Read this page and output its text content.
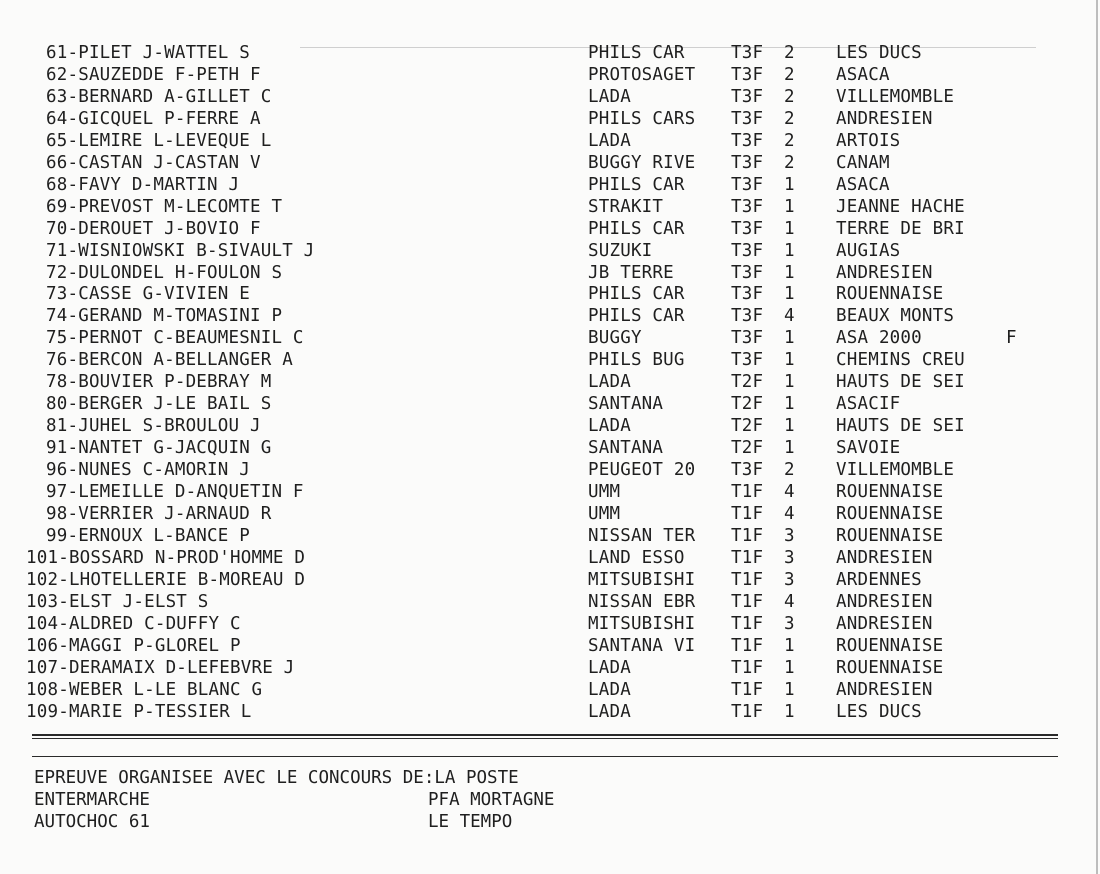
61-PILET J-WATTEL S	PHILS CAR	T3F 2 LES DUCS
62-SAUZEDDE F-PETH F	PROTOSAGET T3F 2 ASACA
63-BERNARD A-GILLET C	LADA	T3F 2 VILLEMOMBLE
64-GICQUEL P-FERRE A	PHILS CARS T3F 2 ANDRESIEN
65-LEMIRE L-LEVEQUE L	LADA	T3F 2 ARTOIS
66-CASTAN J-CASTAN V	BUGGY RIVE T3F 2 CANAM
68-FAVY D-MARTIN J	PHILS CAR	T3F 1 ASACA
69-PREVOST M-LECOMTE T	STRAKIT	T3F 1 JEANNE HACHE
70-DEROUET J-BOVIO F	PHILS CAR	T3F 1 TERRE DE BRI
71-WISNIOWSKI B-SIVAULT J	SUZUKI	T3F 1 AUGIAS
72-DULONDEL H-FOULON S	JB TERRE	T3F 1 ANDRESIEN
73-CASSE G-VIVIEN E	PHILS CAR	T3F 1 ROUENNAISE
74-GERAND M-TOMASINI P	PHILS CAR	T3F 4 BEAUX MONTS
75-PERNOT C-BEAUMESNIL C	BUGGY	T3F 1 ASA 2000	F
76-BERCON A-BELLANGER A	PHILS BUG	T3F 1 CHEMINS CREU
78-BOUVIER P-DEBRAY M	LADA	T2F 1 HAUTS DE SEI
80-BERGER J-LE BAIL S	SANTANA	T2F 1 ASACIF
81-JUHEL S-BROULOU J	LADA	T2F 1 HAUTS DE SEI
91-NANTET G-JACQUIN G	SANTANA	T2F 1 SAVOIE
96-NUNES C-AMORIN J	PEUGEOT 20 T3F 2 VILLEMOMBLE
97-LEMEILLE D-ANQUETIN F	UMM	T1F 4 ROUENNAISE
98-VERRIER J-ARNAUD R	UMM	T1F 4 ROUENNAISE
99-ERNOUX L-BANCE P	NISSAN TER T1F 3 ROUENNAISE
101-BOSSARD N-PROD'HOMME D	LAND ESSO	T1F 3 ANDRESIEN
102-LHOTELLERIE B-MOREAU D	MITSUBISHI T1F 3 ARDENNES
103-ELST J-ELST S	NISSAN EBR T1F 4 ANDRESIEN
104-ALDRED C-DUFFY C	MITSUBISHI T1F 3 ANDRESIEN
106-MAGGI P-GLOREL P	SANTANA VI T1F 1 ROUENNAISE
107-DERAMAIX D-LEFEBVRE J	LADA	T1F 1 ROUENNAISE
108-WEBER L-LE BLANC G	LADA	T1F 1 ANDRESIEN
109-MARIE P-TESSIER L	LADA	T1F 1 LES DUCS
EPREUVE ORGANISEE AVEC LE CONCOURS DE:LA POSTE
ENTERMARCHE	PFA MORTAGNE
AUTOCHOC 61	LE TEMPO
